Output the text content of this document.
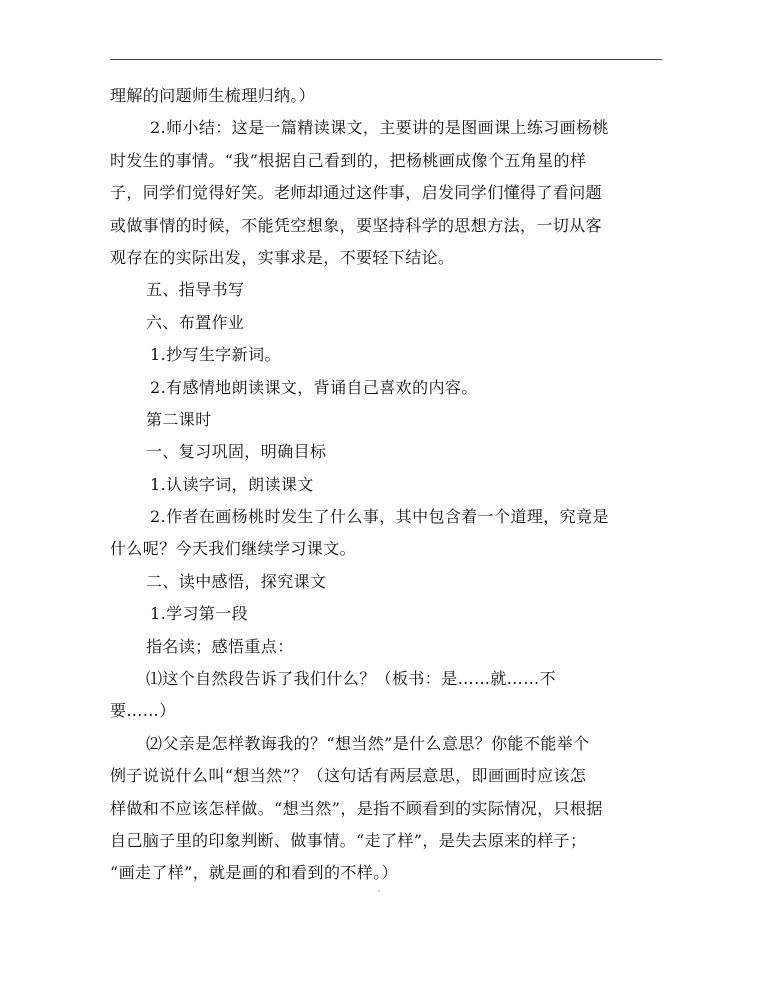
理解的问题师生梳理归纳。）
2.师小结：这是一篇精读课文，主要讲的是图画课上练习画杨桃
时发生的事情。“我”根据自己看到的，把杨桃画成像个五角星的样
子，同学们觉得好笑。老师却通过这件事，启发同学们懂得了看问题
或做事情的时候，不能凭空想象，要坚持科学的思想方法，一切从客
观存在的实际出发，实事求是，不要轻下结论。
五、指导书写
六、布置作业
1.抄写生字新词。
2.有感情地朗读课文，背诵自己喜欢的内容。
第二课时
一、复习巩固，明确目标
1.认读字词，朗读课文
2.作者在画杨桃时发生了什么事，其中包含着一个道理，究竟是
什么呢？今天我们继续学习课文。
二、读中感悟，探究课文
1.学习第一段
指名读；感悟重点：
⑴这个自然段告诉了我们什么？（板书：是……就……不
要……）
⑵父亲是怎样教诲我的？“想当然”是什么意思？你能不能举个
例子说说什么叫“想当然”？（这句话有两层意思，即画画时应该怎
样做和不应该怎样做。“想当然”，是指不顾看到的实际情况，只根据
自己脑子里的印象判断、做事情。“走了样”，是失去原来的样子；
“画走了样”，就是画的和看到的不样。）
